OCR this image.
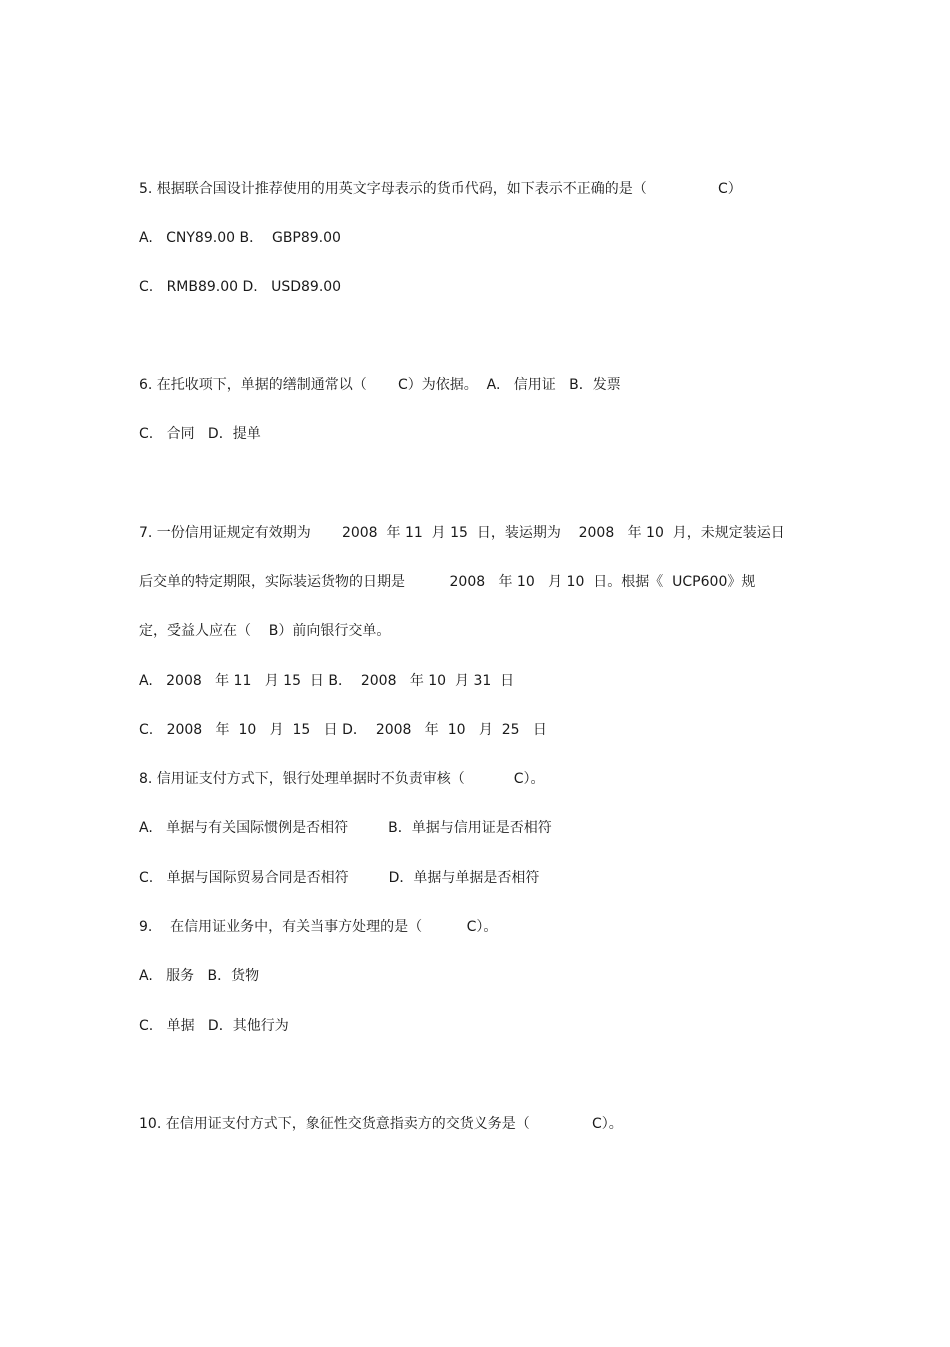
5. 根据联合国设计推荐使用的用英文字母表示的货币代码，如下表示不正确的是（                C）
A.   CNY89.00 B．  GBP89.00
C.   RMB89.00 D.   USD89.00
6. 在托收项下，单据的缮制通常以（       C）为依据。  A.   信用证   B．发票
C.   合同   D．提单
7. 一份信用证规定有效期为       2008  年 11  月 15  日，装运期为    2008   年 10  月，未规定装运日
后交单的特定期限，实际装运货物的日期是          2008   年 10   月 10  日。根据《  UCP600》规
定，受益人应在（    B）前向银行交单。
A.   2008   年 11   月 15  日 B．  2008   年 10  月 31  日
C.   2008   年  10   月  15   日 D．  2008   年  10   月  25   日
8. 信用证支付方式下，银行处理单据时不负责审核（           C）。
A.   单据与有关国际惯例是否相符         B．单据与信用证是否相符
C.   单据与国际贸易合同是否相符         D．单据与单据是否相符
9.    在信用证业务中，有关当事方处理的是（          C）。
A.   服务   B．货物
C.   单据   D．其他行为
10. 在信用证支付方式下，象征性交货意指卖方的交货义务是（              C）。
